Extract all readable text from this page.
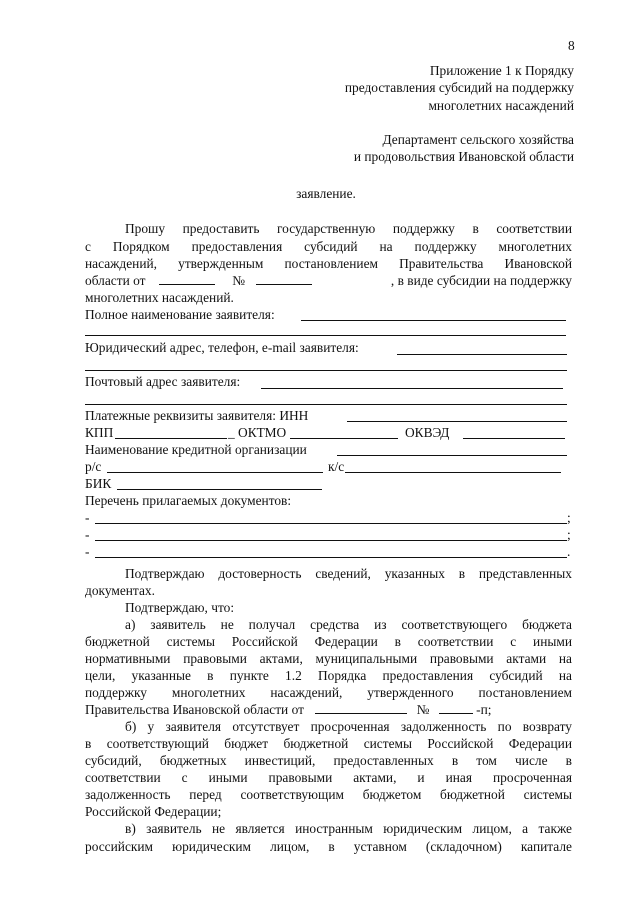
8
Приложение 1 к Порядку
предоставления субсидий на поддержку
многолетних насаждений
Департамент сельского хозяйства
и продовольствия Ивановской области
заявление.
Прошу предоставить государственную поддержку в соответствии
с Порядком предоставления субсидий на поддержку многолетних
насаждений, утвержденным постановлением Правительства Ивановской
области от	№	, в виде субсидии на поддержку
многолетних насаждений.
Полное наименование заявителя:
Юридический адрес, телефон, e-mail заявителя:
Почтовый адрес заявителя:
Платежные реквизиты заявителя: ИНН
КПП	_ ОКТМО	ОКВЭД
Наименование кредитной организации
р/с	к/с
БИК
Перечень прилагаемых документов:
-	;
-	;
-	.
Подтверждаю достоверность сведений, указанных в представленных
документах.
Подтверждаю, что:
а) заявитель не получал средства из соответствующего бюджета
бюджетной системы Российской Федерации в соответствии с иными
нормативными правовыми актами, муниципальными правовыми актами на
цели, указанные в пункте 1.2 Порядка предоставления субсидий на
поддержку многолетних насаждений, утвержденного постановлением
Правительства Ивановской области от	№	-п;
б) у заявителя отсутствует просроченная задолженность по возврату
в соответствующий бюджет бюджетной системы Российской Федерации
субсидий, бюджетных инвестиций, предоставленных в том числе в
соответствии с иными правовыми актами, и иная просроченная
задолженность перед соответствующим бюджетом бюджетной системы
Российской Федерации;
в) заявитель не является иностранным юридическим лицом, а также
российским юридическим лицом, в уставном (складочном) капитале
